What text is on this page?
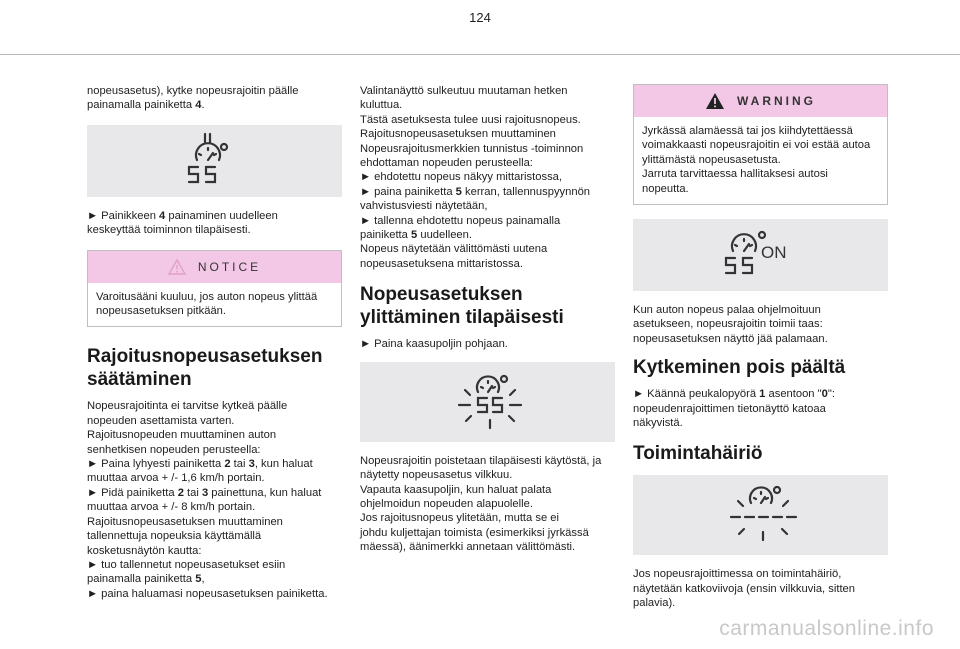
124

nopeusasetus), kytke nopeusrajoitin päälle
painamalla painiketta 4.

► Painikkeen 4 painaminen uudelleen
keskeyttää toiminnon tilapäisesti.

NOTICE
Varoitusääni kuuluu, jos auton nopeus ylittää
nopeusasetuksen pitkään.
Rajoitusnopeusasetuksen
säätäminen

Nopeusrajoitinta ei tarvitse kytkeä päälle
nopeuden asettamista varten.
Rajoitusnopeuden muuttaminen auton
senhetkisen nopeuden perusteella:
► Paina lyhyesti painiketta 2 tai 3, kun haluat
muuttaa arvoa + /- 1,6 km/h portain.
► Pidä painiketta 2 tai 3 painettuna, kun haluat
muuttaa arvoa + /- 8 km/h portain.
Rajoitusnopeusasetuksen muuttaminen
tallennettuja nopeuksia käyttämällä
kosketusnäytön kautta:
► tuo tallennetut nopeusasetukset esiin
painamalla painiketta 5,
► paina haluamasi nopeusasetuksen painiketta.

Valintanäyttö sulkeutuu muutaman hetken
kuluttua.
Tästä asetuksesta tulee uusi rajoitusnopeus.
Rajoitusnopeusasetuksen muuttaminen
Nopeusrajoitusmerkkien tunnistus -toiminnon
ehdottaman nopeuden perusteella:
► ehdotettu nopeus näkyy mittaristossa,
► paina painiketta 5 kerran, tallennuspyynnön
vahvistusviesti näytetään,
► tallenna ehdotettu nopeus painamalla
painiketta 5 uudelleen.
Nopeus näytetään välittömästi uutena
nopeusasetuksena mittaristossa.

Nopeusasetuksen
ylittäminen tilapäisesti

► Paina kaasupoljin pohjaan.

Nopeusrajoitin poistetaan tilapäisesti käytöstä, ja
näytetty nopeusasetus vilkkuu.
Vapauta kaasupoljin, kun haluat palata
ohjelmoidun nopeuden alapuolelle.
Jos rajoitusnopeus ylitetään, mutta se ei
johdu kuljettajan toimista (esimerkiksi jyrkässä
mäessä), äänimerkki annetaan välittömästi.

WARNING
Jyrkässä alamäessä tai jos kiihdytettäessä
voimakkaasti nopeusrajoitin ei voi estää autoa
ylittämästä nopeusasetusta.
Jarruta tarvittaessa hallitaksesi autosi
nopeutta.
ON

Kun auton nopeus palaa ohjelmoituun
asetukseen, nopeusrajoitin toimii taas:
nopeusasetuksen näyttö jää palamaan.

Kytkeminen pois päältä

► Käännä peukalopyörä 1 asentoon "0":
nopeudenrajoittimen tietonäyttö katoaa
näkyvistä.

Toimintahäiriö

Jos nopeusrajoittimessa on toimintahäiriö,
näytetään katkoviivoja (ensin vilkkuvia, sitten
palavia).

carmanualsonline.info
